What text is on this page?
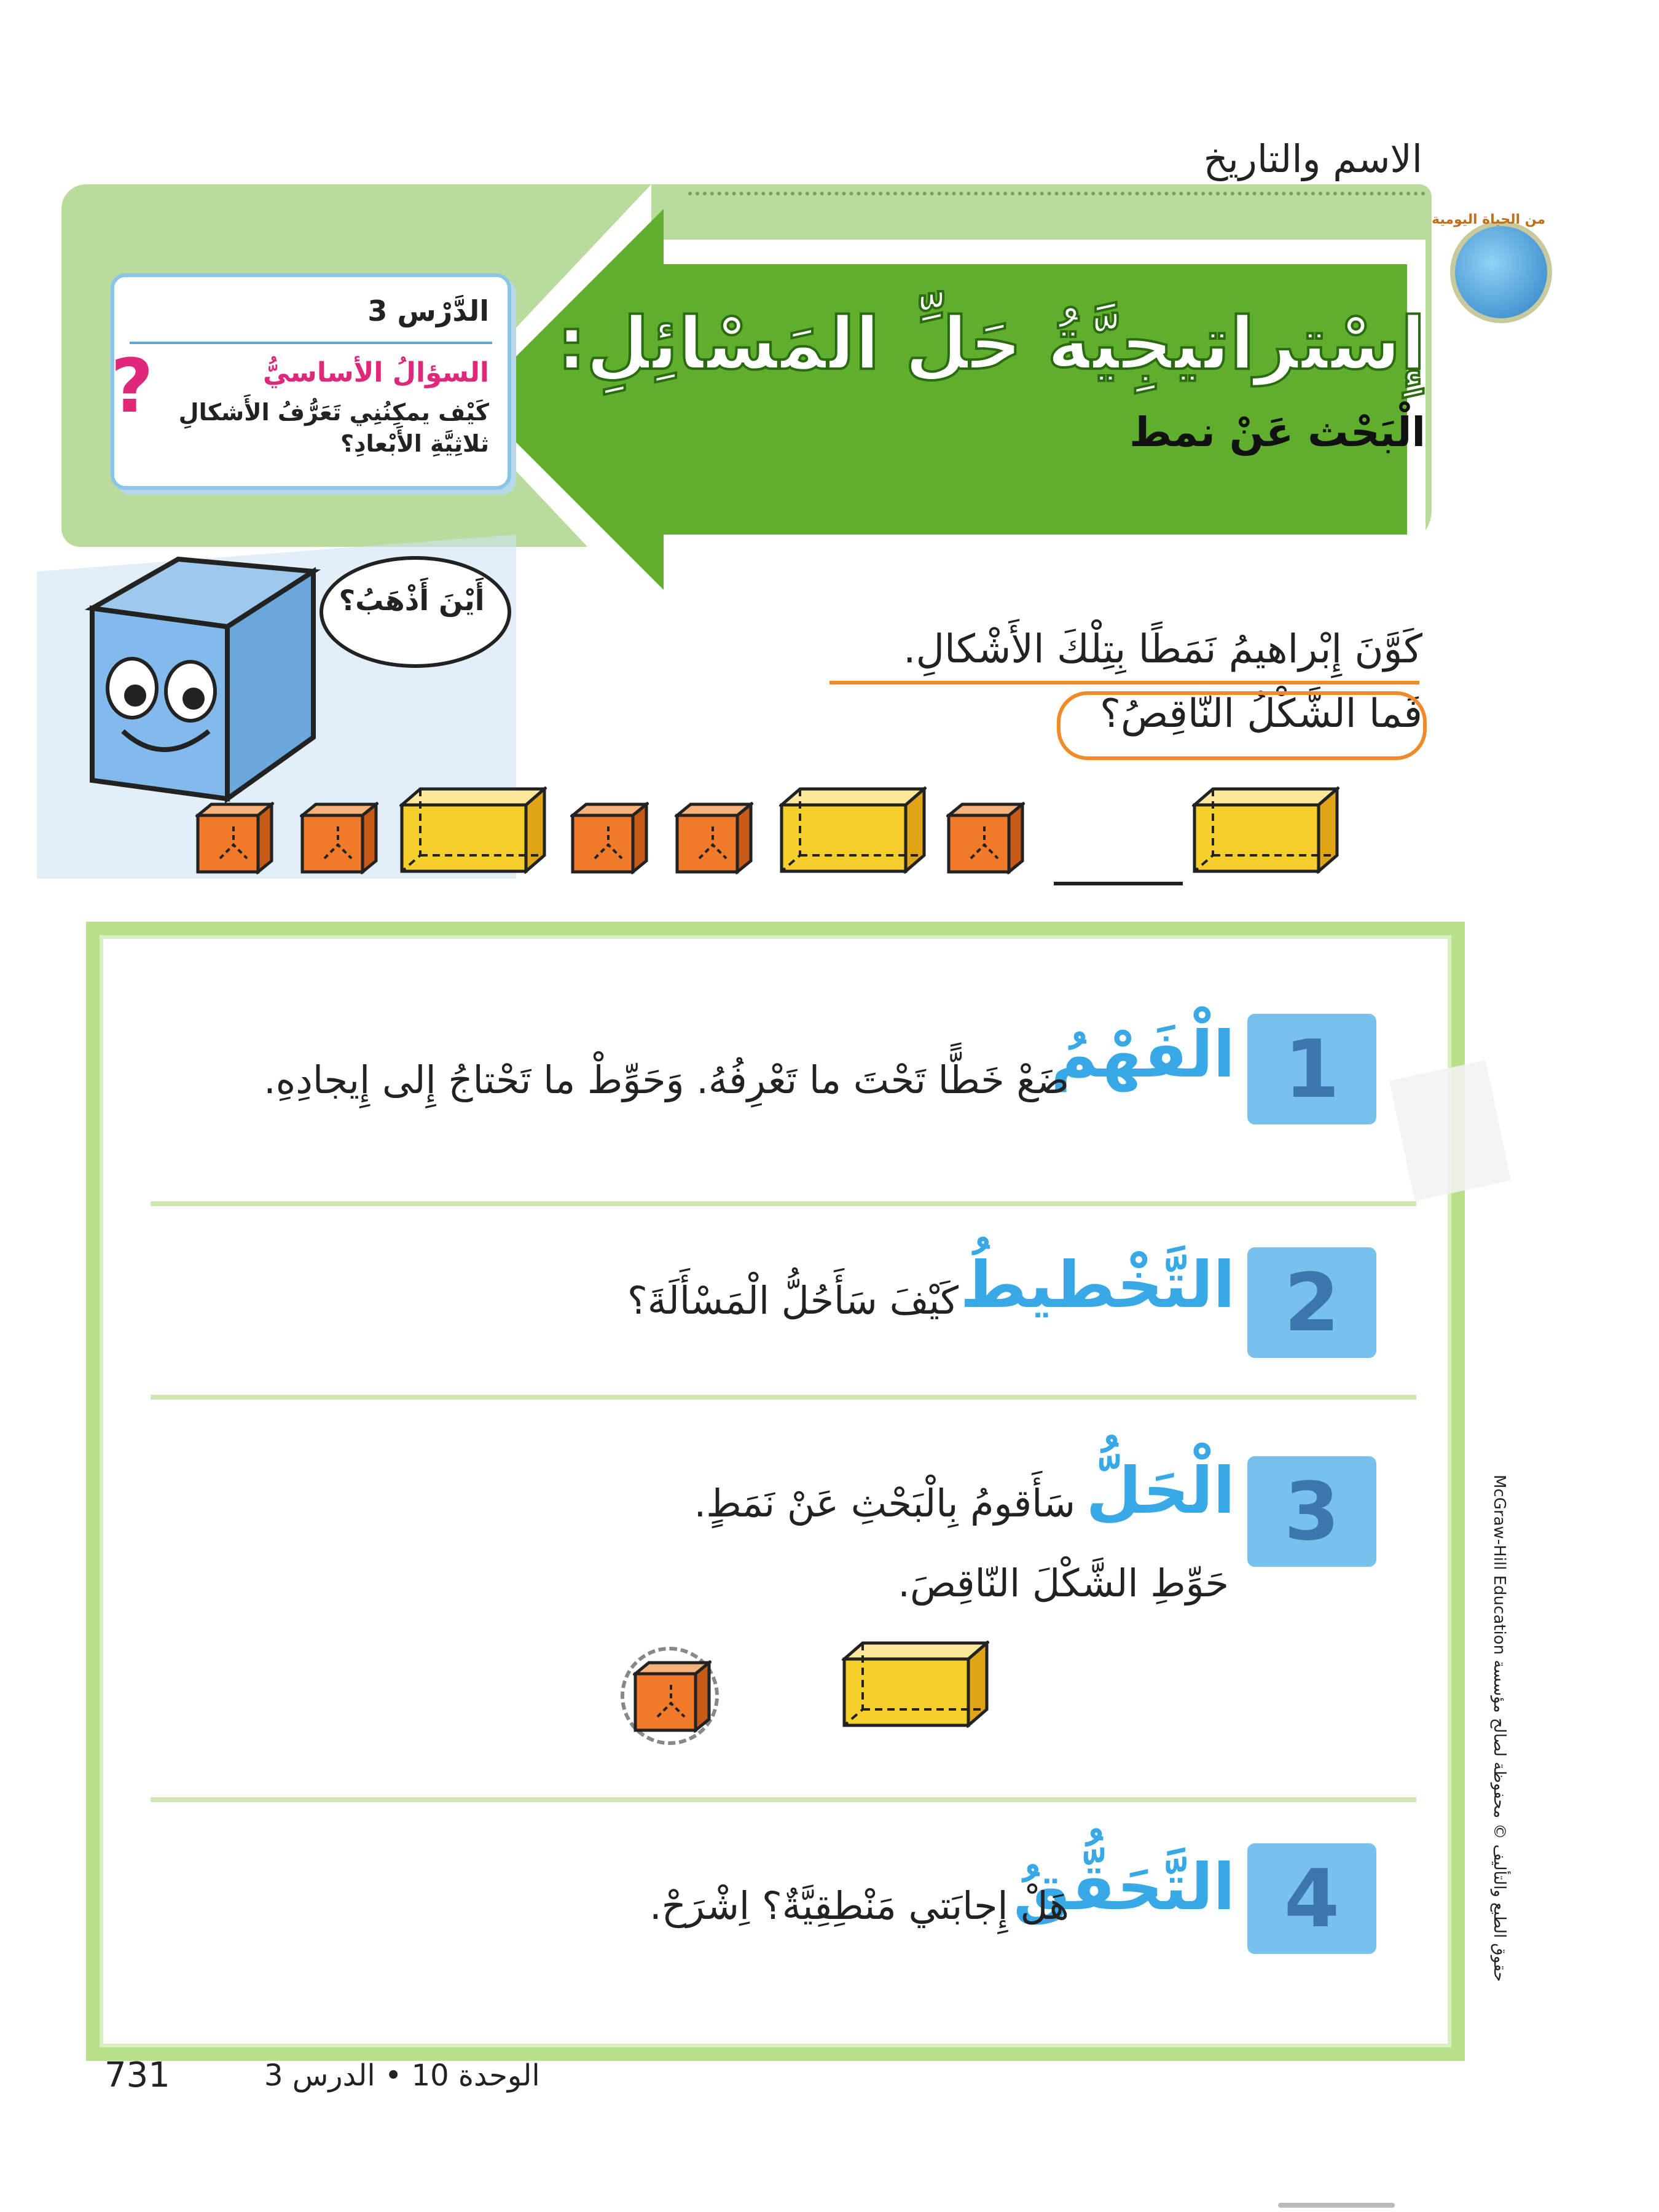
الاسم والتاريخ
إِسْتراتيجِيَّةُ حَلِّ المَسْائِلِ:
الْبَحْث عَنْ نمط
من الحياة اليومية
الدَّرْس 3
السؤالُ الأساسيُّ
كَيْف يمكِنُنِي تَعَرُّفُ الأَشكالِ ثلاثِيَّةِ الأَبْعادِ؟
?
أَيْنَ أَذْهَبُ؟
كَوَّنَ إِبْراهيمُ نَمَطًا بِتِلْكَ الأَشْكالِ.
فَما الشَّكْلُ النّاقِصُ؟
1
الْفَهْمُ
ضَعْ خَطًّا تَحْتَ ما تَعْرِفُهُ. وَحَوِّطْ ما تَحْتاجُ إِلى إِيجادِهِ.
2
التَّخْطيطُ
كَيْفَ سَأَحُلُّ الْمَسْأَلَةَ؟
3
الْحَلُّ
سَأَقومُ بِالْبَحْثِ عَنْ نَمَطٍ.
حَوِّطِ الشَّكْلَ النّاقِصَ.
4
التَّحَقُّقُ
هَلْ إِجابَتي مَنْطِقِيَّةٌ؟ اِشْرَحْ.
731	الوحدة 10 • الدرس 3
McGraw-Hill Education حقوق الطبع والتأليف © محفوظة لصالح مؤسسة
